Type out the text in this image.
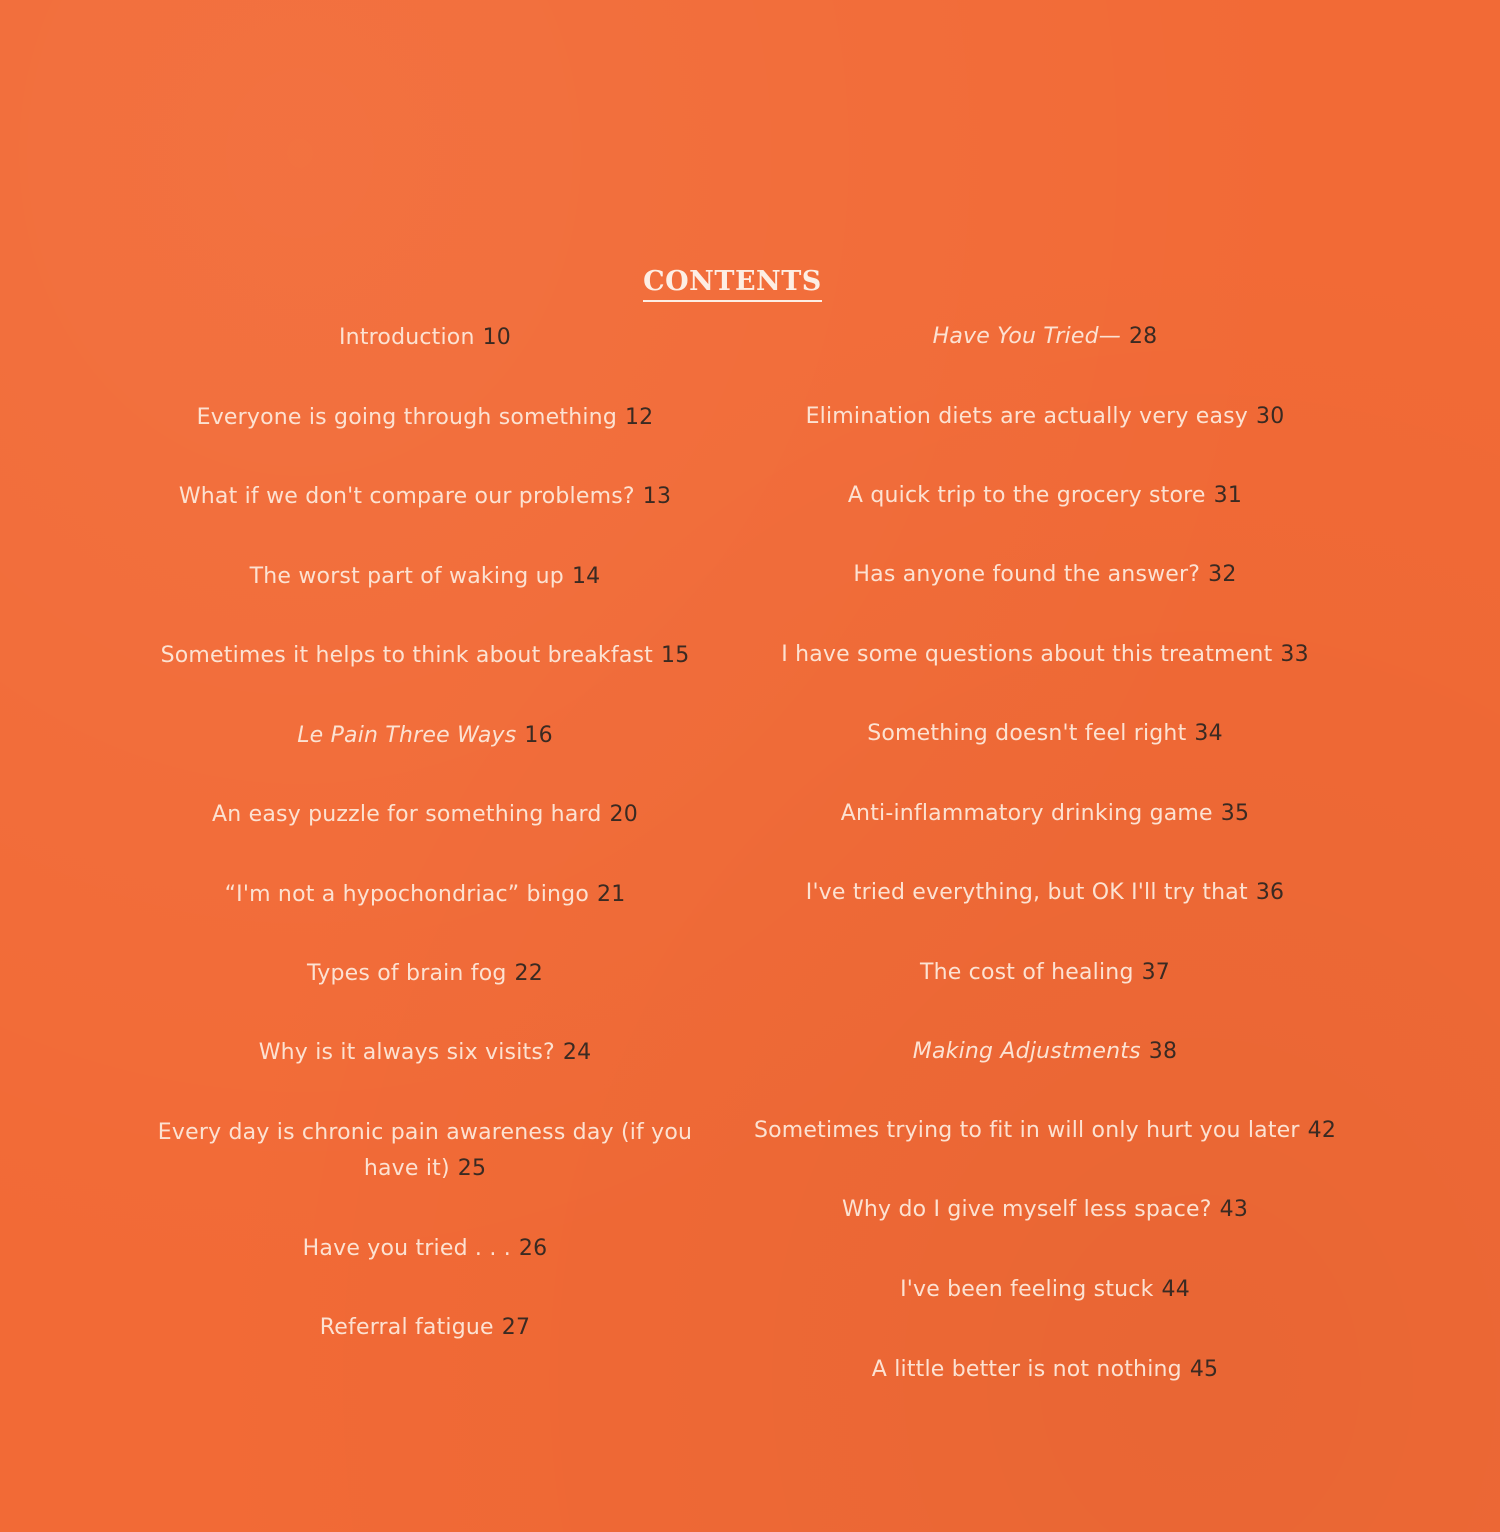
CONTENTS
Introduction 10
Everyone is going through something 12
What if we don't compare our problems? 13
The worst part of waking up 14
Sometimes it helps to think about breakfast 15
Le Pain Three Ways 16
An easy puzzle for something hard 20
“I'm not a hypochondriac” bingo 21
Types of brain fog 22
Why is it always six visits? 24
Every day is chronic pain awareness day (if you have it) 25
Have you tried . . . 26
Referral fatigue 27
Have You Tried— 28
Elimination diets are actually very easy 30
A quick trip to the grocery store 31
Has anyone found the answer? 32
I have some questions about this treatment 33
Something doesn't feel right 34
Anti-inflammatory drinking game 35
I've tried everything, but OK I'll try that 36
The cost of healing 37
Making Adjustments 38
Sometimes trying to fit in will only hurt you later 42
Why do I give myself less space? 43
I've been feeling stuck 44
A little better is not nothing 45
